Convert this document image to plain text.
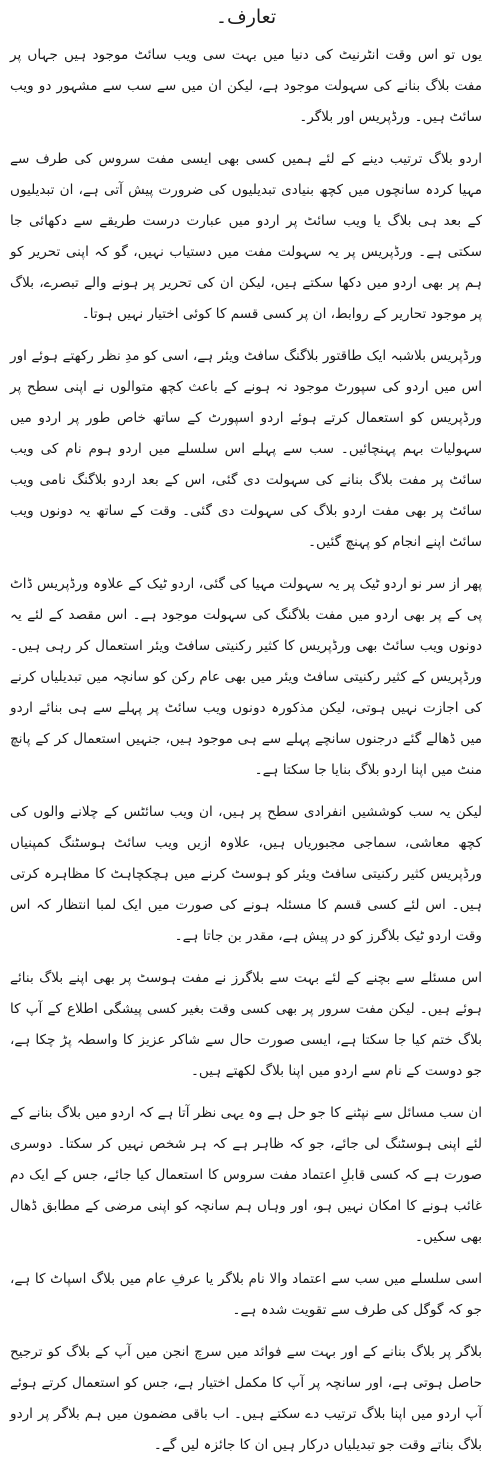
تعارف۔

یوں تو اس وقت انٹرنیٹ کی دنیا میں بہت سی ویب سائٹ موجود ہیں جہاں پر مفت بلاگ بنانے کی سہولت موجود ہے، لیکن ان میں سے سب سے مشہور دو ویب سائٹ ہیں۔ ورڈپریس اور بلاگر۔

اردو بلاگ ترتیب دینے کے لئے ہمیں کسی بھی ایسی مفت سروس کی طرف سے مہیا کردہ سانچوں میں کچھ بنیادی تبدیلیوں کی ضرورت پیش آتی ہے، ان تبدیلیوں کے بعد ہی بلاگ یا ویب سائٹ پر اردو میں عبارت درست طریقے سے دکھائی جا سکتی ہے۔ ورڈپریس پر یہ سہولت مفت میں دستیاب نہیں، گو کہ اپنی تحریر کو ہم پر بھی اردو میں دکھا سکتے ہیں، لیکن ان کی تحریر پر ہونے والے تبصرے، بلاگ پر موجود تحاریر کے روابط، ان پر کسی قسم کا کوئی اختیار نہیں ہوتا۔

ورڈپریس بلاشبہ ایک طاقتور بلاگنگ سافٹ ویئر ہے، اسی کو مدِ نظر رکھتے ہوئے اور اس میں اردو کی سپورٹ موجود نہ ہونے کے باعث کچھ متوالوں نے اپنی سطح پر ورڈپریس کو استعمال کرتے ہوئے اردو اسپورٹ کے ساتھ خاص طور پر اردو میں سہولیات بہم پہنچائیں۔ سب سے پہلے اس سلسلے میں اردو ہوم نام کی ویب سائٹ پر مفت بلاگ بنانے کی سہولت دی گئی، اس کے بعد اردو بلاگنگ نامی ویب سائٹ پر بھی مفت اردو بلاگ کی سہولت دی گئی۔ وقت کے ساتھ یہ دونوں ویب سائٹ اپنے انجام کو پہنچ گئیں۔

پھر از سر نو اردو ٹیک پر یہ سہولت مہیا کی گئی، اردو ٹیک کے علاوہ ورڈپریس ڈاٹ پی کے پر بھی اردو میں مفت بلاگنگ کی سہولت موجود ہے۔ اس مقصد کے لئے یہ دونوں ویب سائٹ بھی ورڈپریس کا کثیر رکنیتی سافٹ ویئر استعمال کر رہی ہیں۔ ورڈپریس کے کثیر رکنیتی سافٹ ویئر میں بھی عام رکن کو سانچہ میں تبدیلیاں کرنے کی اجازت نہیں ہوتی، لیکن مذکورہ دونوں ویب سائٹ پر پہلے سے ہی بنائے اردو میں ڈھالے گئے درجنوں سانچے پہلے سے ہی موجود ہیں، جنہیں استعمال کر کے پانچ منٹ میں اپنا اردو بلاگ بنایا جا سکتا ہے۔

لیکن یہ سب کوششیں انفرادی سطح پر ہیں، ان ویب سائٹس کے چلانے والوں کی کچھ معاشی، سماجی مجبوریاں ہیں، علاوہ ازیں ویب سائٹ ہوسٹنگ کمپنیاں ورڈپریس کثیر رکنیتی سافٹ ویئر کو ہوسٹ کرنے میں ہچکچاہٹ کا مظاہرہ کرتی ہیں۔ اس لئے کسی قسم کا مسئلہ ہونے کی صورت میں ایک لمبا انتظار کہ اس وقت اردو ٹیک بلاگرز کو در پیش ہے، مقدر بن جاتا ہے۔

اس مسئلے سے بچنے کے لئے بہت سے بلاگرز نے مفت ہوسٹ پر بھی اپنے بلاگ بنائے ہوئے ہیں۔ لیکن مفت سرور پر بھی کسی وقت بغیر کسی پیشگی اطلاع کے آپ کا بلاگ ختم کیا جا سکتا ہے، ایسی صورت حال سے شاکر عزیز کا واسطہ پڑ چکا ہے، جو دوست کے نام سے اردو میں اپنا بلاگ لکھتے ہیں۔

ان سب مسائل سے نپٹنے کا جو حل ہے وہ یہی نظر آتا ہے کہ اردو میں بلاگ بنانے کے لئے اپنی ہوسٹنگ لی جائے، جو کہ ظاہر ہے کہ ہر شخص نہیں کر سکتا۔ دوسری صورت ہے کہ کسی قابلِ اعتماد مفت سروس کا استعمال کیا جائے، جس کے ایک دم غائب ہونے کا امکان نہیں ہو، اور وہاں ہم سانچہ کو اپنی مرضی کے مطابق ڈھال بھی سکیں۔

اسی سلسلے میں سب سے اعتماد والا نام بلاگر یا عرفِ عام میں بلاگ اسپاٹ کا ہے، جو کہ گوگل کی طرف سے تقویت شدہ ہے۔

بلاگر پر بلاگ بنانے کے اور بہت سے فوائد میں سرچ انجن میں آپ کے بلاگ کو ترجیح حاصل ہوتی ہے، اور سانچہ پر آپ کا مکمل اختیار ہے، جس کو استعمال کرتے ہوئے آپ اردو میں اپنا بلاگ ترتیب دے سکتے ہیں۔ اب باقی مضمون میں ہم بلاگر پر اردو بلاگ بناتے وقت جو تبدیلیاں درکار ہیں ان کا جائزہ لیں گے۔
